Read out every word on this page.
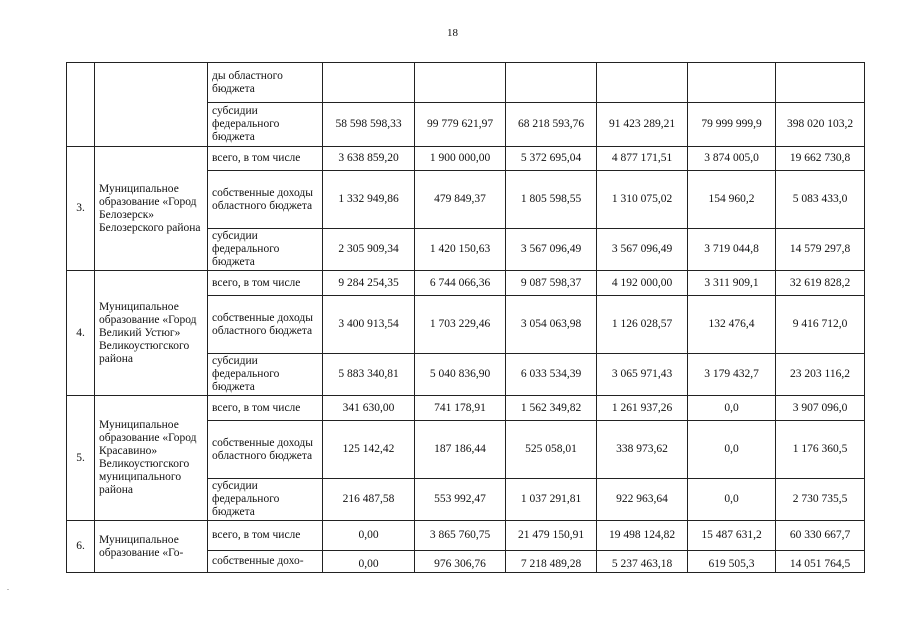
18
		ды областного бюджета						
		субсидии федерального бюджета	58 598 598,33	99 779 621,97	68 218 593,76	91 423 289,21	79 999 999,9	398 020 103,2
3.	Муниципальное образование «Город Белозерск» Белозерского района	всего, в том числе	3 638 859,20	1 900 000,00	5 372 695,04	4 877 171,51	3 874 005,0	19 662 730,8
		собственные доходы областного бюджета	1 332 949,86	479 849,37	1 805 598,55	1 310 075,02	154 960,2	5 083 433,0
		субсидии федерального бюджета	2 305 909,34	1 420 150,63	3 567 096,49	3 567 096,49	3 719 044,8	14 579 297,8
4.	Муниципальное образование «Город Великий Устюг» Великоустюгского района	всего, в том числе	9 284 254,35	6 744 066,36	9 087 598,37	4 192 000,00	3 311 909,1	32 619 828,2
		собственные доходы областного бюджета	3 400 913,54	1 703 229,46	3 054 063,98	1 126 028,57	132 476,4	9 416 712,0
		субсидии федерального бюджета	5 883 340,81	5 040 836,90	6 033 534,39	3 065 971,43	3 179 432,7	23 203 116,2
5.	Муниципальное образование «Город Красавино» Великоустюгского муниципального района	всего, в том числе	341 630,00	741 178,91	1 562 349,82	1 261 937,26	0,0	3 907 096,0
		собственные доходы областного бюджета	125 142,42	187 186,44	525 058,01	338 973,62	0,0	1 176 360,5
		субсидии федерального бюджета	216 487,58	553 992,47	1 037 291,81	922 963,64	0,0	2 730 735,5
6.	Муниципальное образование «Го-	всего, в том числе	0,00	3 865 760,75	21 479 150,91	19 498 124,82	15 487 631,2	60 330 667,7
		собственные дохо-	0,00	976 306,76	7 218 489,28	5 237 463,18	619 505,3	14 051 764,5
.
